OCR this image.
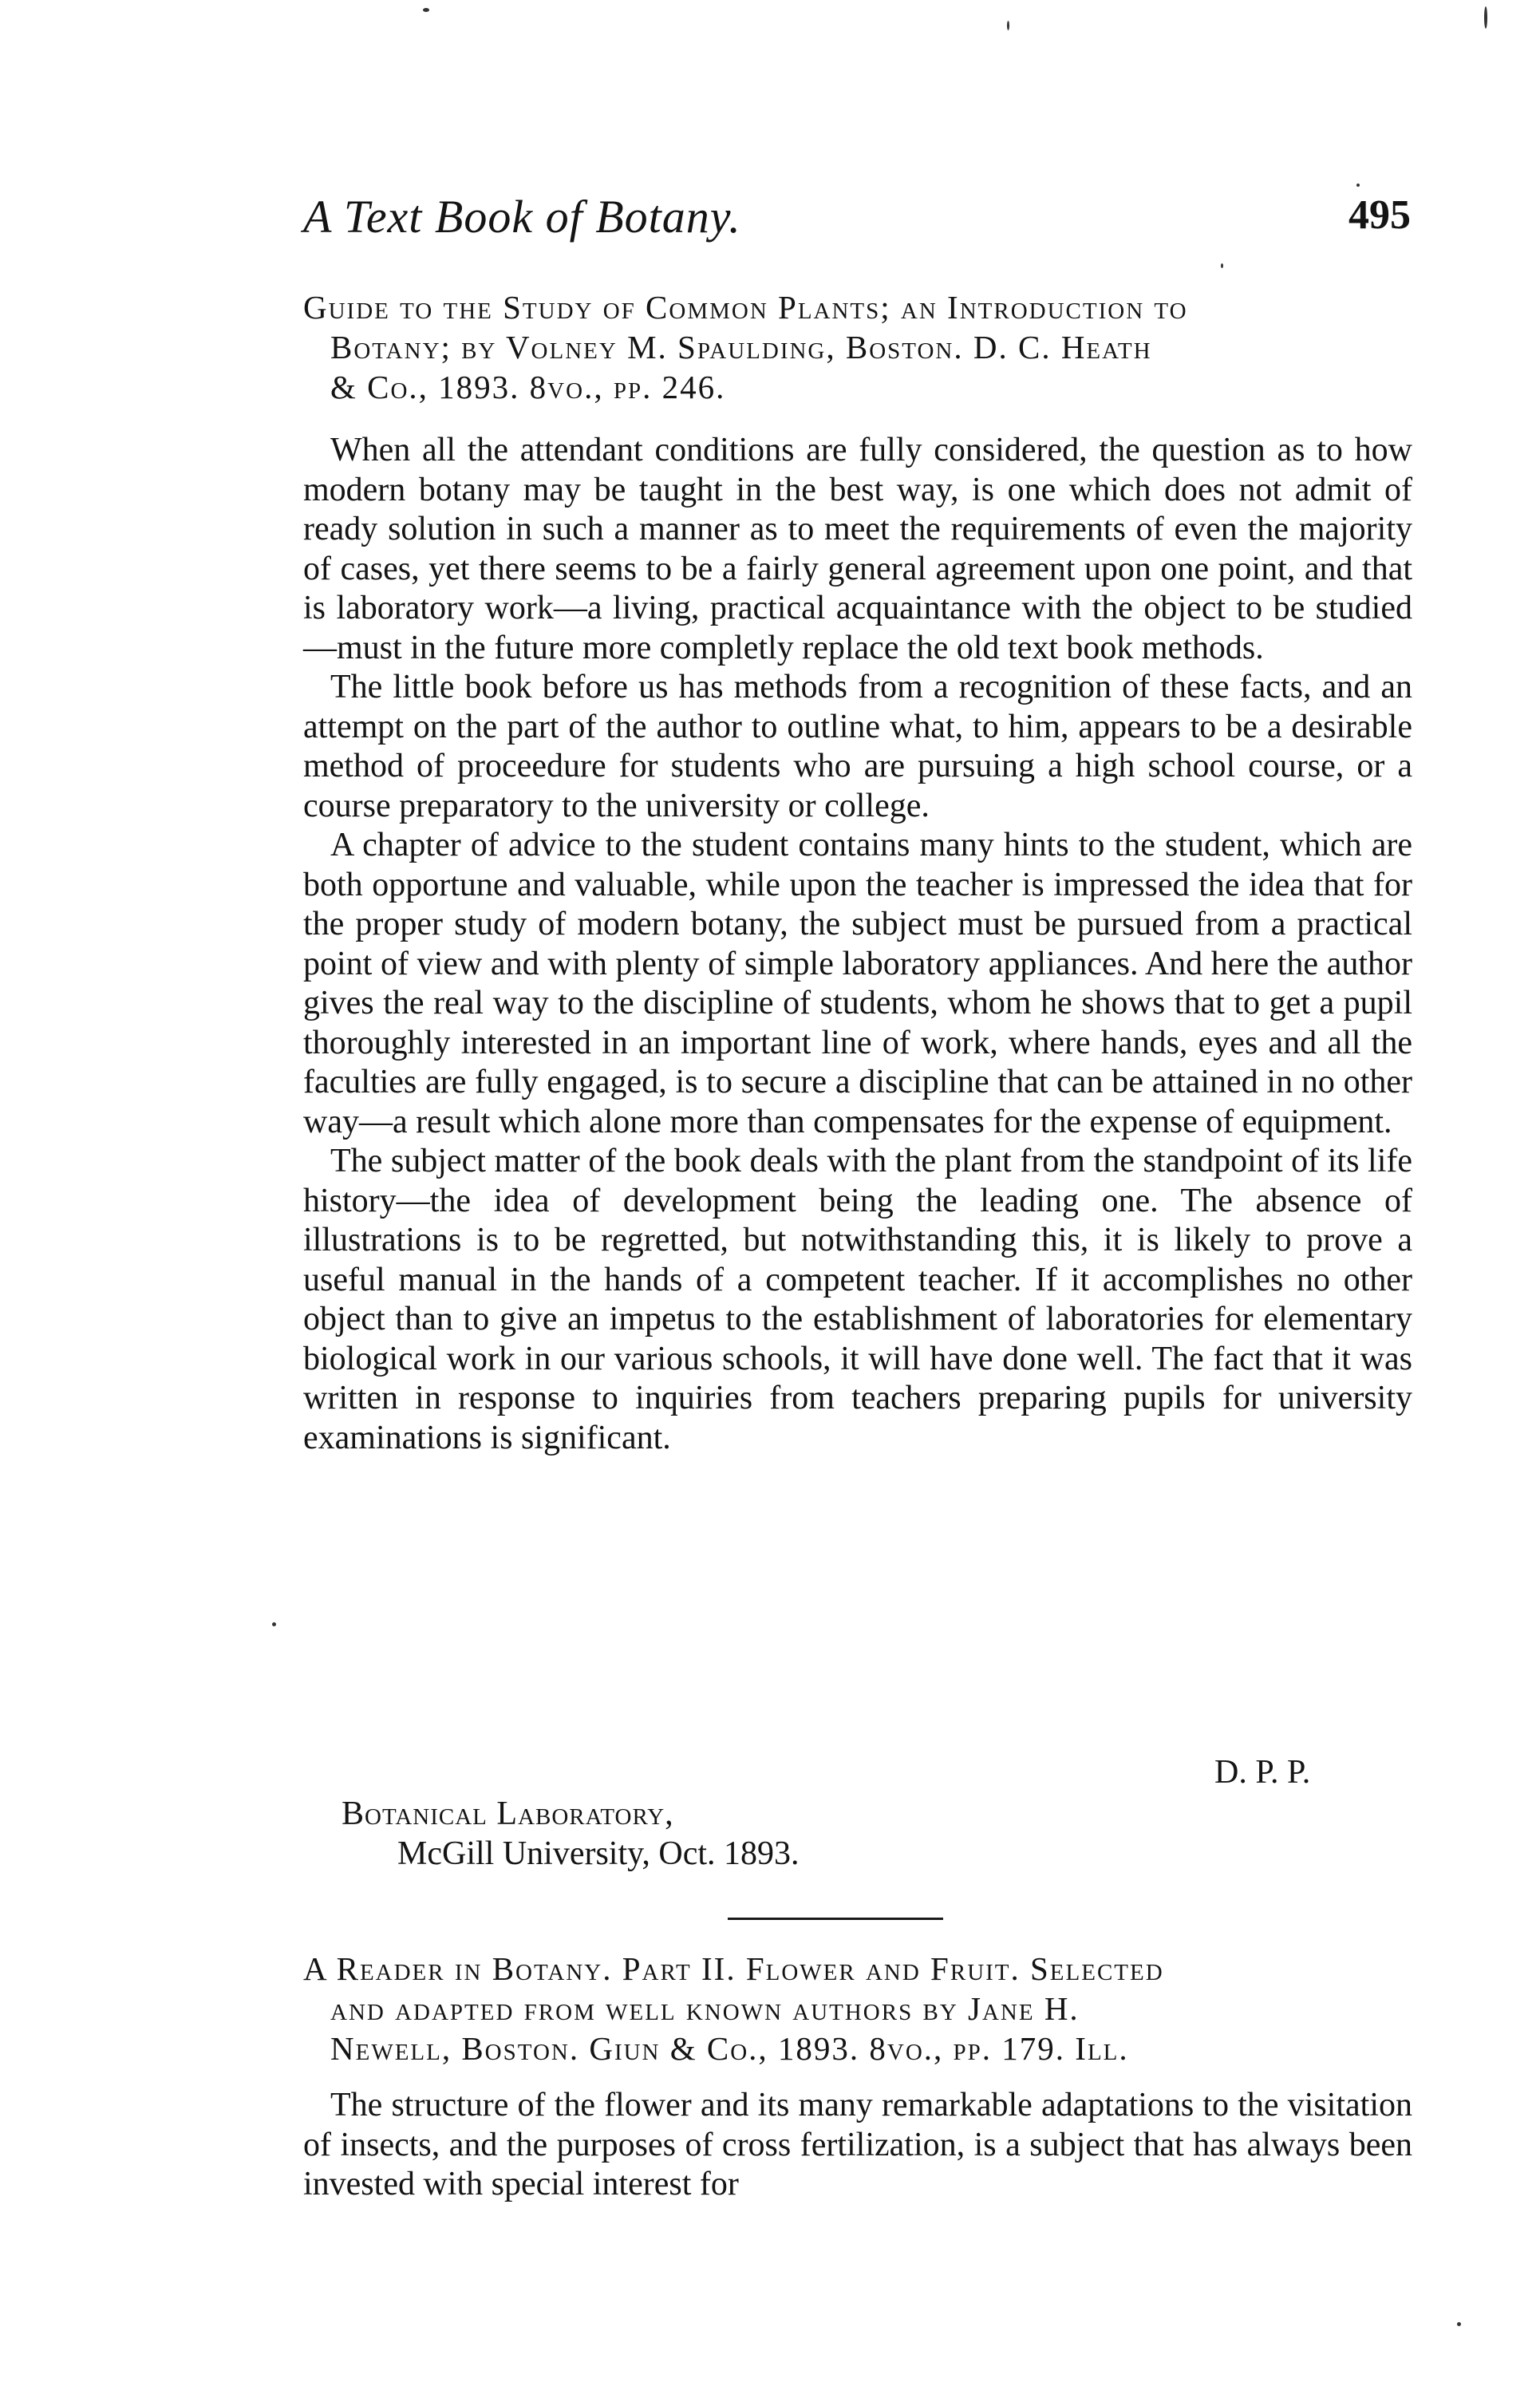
A Text Book of Botany.	495
Guide to the Study of Common Plants; an Introduction to
Botany; by Volney M. Spaulding, Boston. D. C. Heath
& Co., 1893. 8vo., pp. 246.

When all the attendant conditions are fully considered, the question as to how modern botany may be taught in the best way, is one which does not admit of ready solution in such a manner as to meet the requirements of even the majority of cases, yet there seems to be a fairly general agreement upon one point, and that is laboratory work—a living, practical acquaintance with the object to be studied—must in the future more completly replace the old text book methods.

The little book before us has methods from a recognition of these facts, and an attempt on the part of the author to outline what, to him, appears to be a desirable method of proceedure for students who are pursuing a high school course, or a course preparatory to the university or college.

A chapter of advice to the student contains many hints to the student, which are both opportune and valuable, while upon the teacher is impressed the idea that for the proper study of modern botany, the subject must be pursued from a practical point of view and with plenty of simple laboratory appliances. And here the author gives the real way to the discipline of students, whom he shows that to get a pupil thoroughly interested in an important line of work, where hands, eyes and all the faculties are fully engaged, is to secure a discipline that can be attained in no other way—a result which alone more than compensates for the expense of equipment.

The subject matter of the book deals with the plant from the standpoint of its life history—the idea of development being the leading one. The absence of illustrations is to be regretted, but notwithstanding this, it is likely to prove a useful manual in the hands of a competent teacher. If it accomplishes no other object than to give an impetus to the establishment of laboratories for elementary biological work in our various schools, it will have done well. The fact that it was written in response to inquiries from teachers preparing pupils for university examinations is significant.

D. P. P.
Botanical Laboratory,
McGill University, Oct. 1893.
A Reader in Botany. Part II. Flower and Fruit. Selected
and adapted from well known authors by Jane H.
Newell, Boston. Giun & Co., 1893. 8vo., pp. 179. Ill.

The structure of the flower and its many remarkable adaptations to the visitation of insects, and the purposes of cross fertilization, is a subject that has always been invested with special interest for
